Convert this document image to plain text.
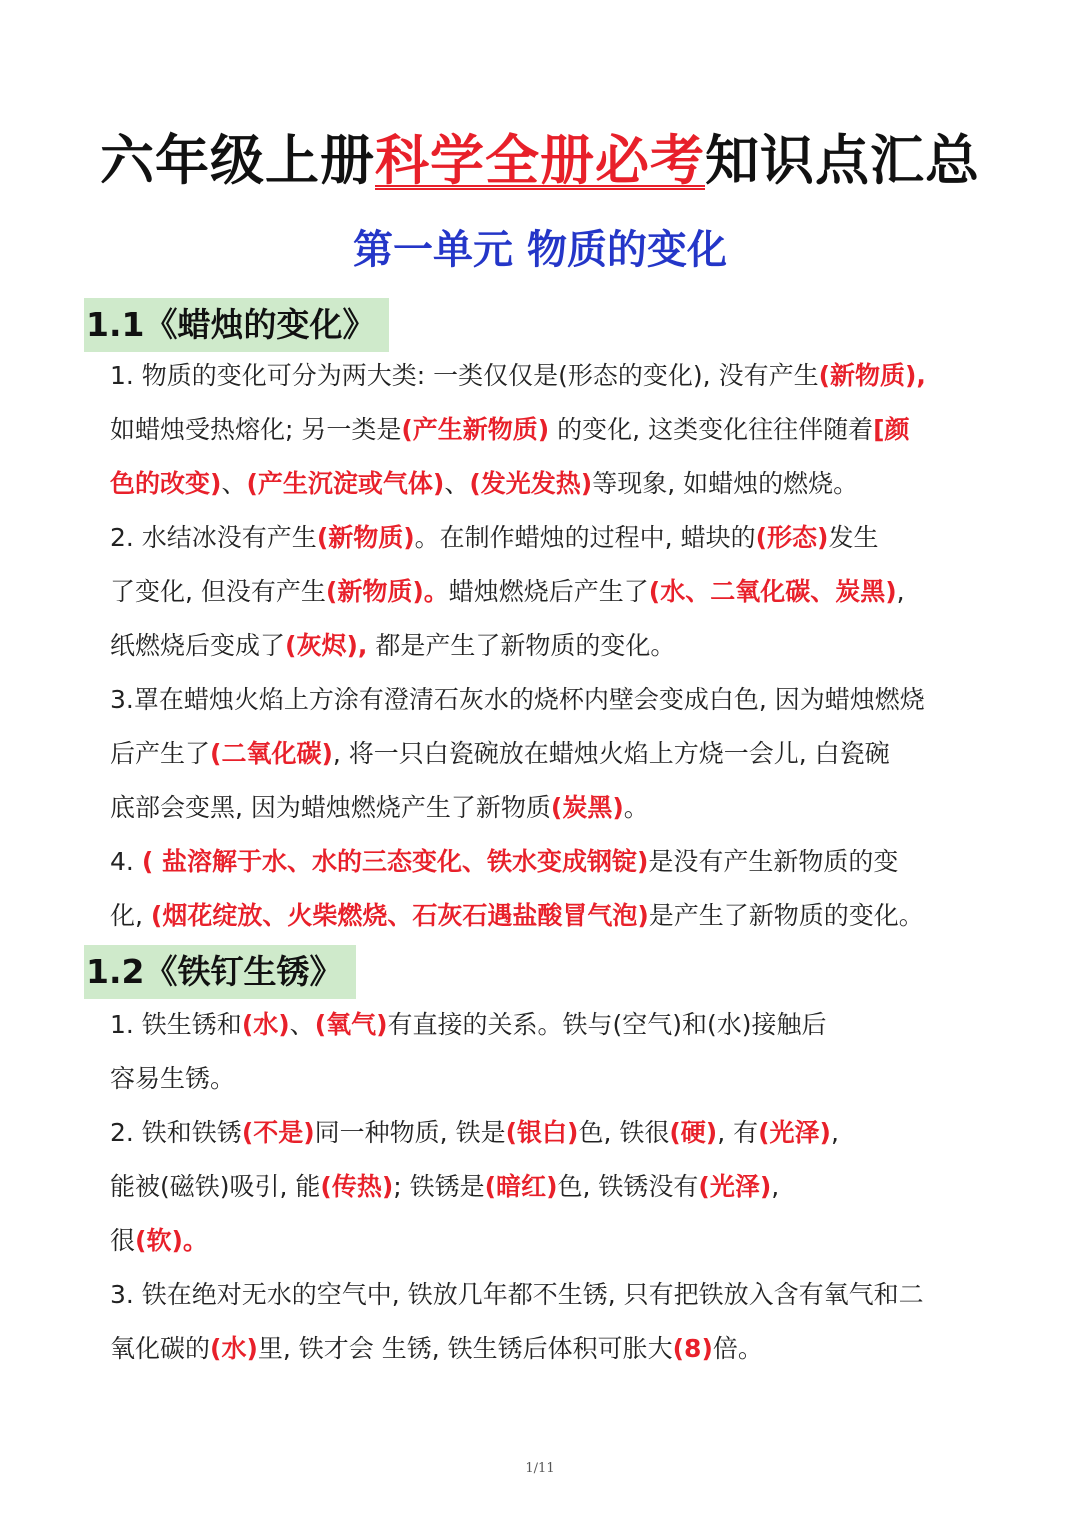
六年级上册科学全册必考知识点汇总
第一单元 物质的变化
1.1《蜡烛的变化》
1. 物质的变化可分为两大类: 一类仅仅是(形态的变化), 没有产生(新物质),
如蜡烛受热熔化; 另一类是(产生新物质) 的变化, 这类变化往往伴随着[颜
色的改变)、(产生沉淀或气体)、(发光发热)等现象, 如蜡烛的燃烧。
2. 水结冰没有产生(新物质)。在制作蜡烛的过程中, 蜡块的(形态)发生
了变化, 但没有产生(新物质)。蜡烛燃烧后产生了(水、二氧化碳、炭黑),
纸燃烧后变成了(灰烬), 都是产生了新物质的变化。
3.罩在蜡烛火焰上方涂有澄清石灰水的烧杯内壁会变成白色, 因为蜡烛燃烧
后产生了(二氧化碳), 将一只白瓷碗放在蜡烛火焰上方烧一会儿, 白瓷碗
底部会变黑, 因为蜡烛燃烧产生了新物质(炭黑)。
4. ( 盐溶解于水、水的三态变化、铁水变成钢锭)是没有产生新物质的变
化, (烟花绽放、火柴燃烧、石灰石遇盐酸冒气泡)是产生了新物质的变化。
1.2《铁钉生锈》
1. 铁生锈和(水)、(氧气)有直接的关系。铁与(空气)和(水)接触后
容易生锈。
2. 铁和铁锈(不是)同一种物质, 铁是(银白)色, 铁很(硬), 有(光泽),
能被(磁铁)吸引, 能(传热); 铁锈是(暗红)色, 铁锈没有(光泽),
很(软)。
3. 铁在绝对无水的空气中, 铁放几年都不生锈, 只有把铁放入含有氧气和二
氧化碳的(水)里, 铁才会 生锈, 铁生锈后体积可胀大(8)倍。
1/11
